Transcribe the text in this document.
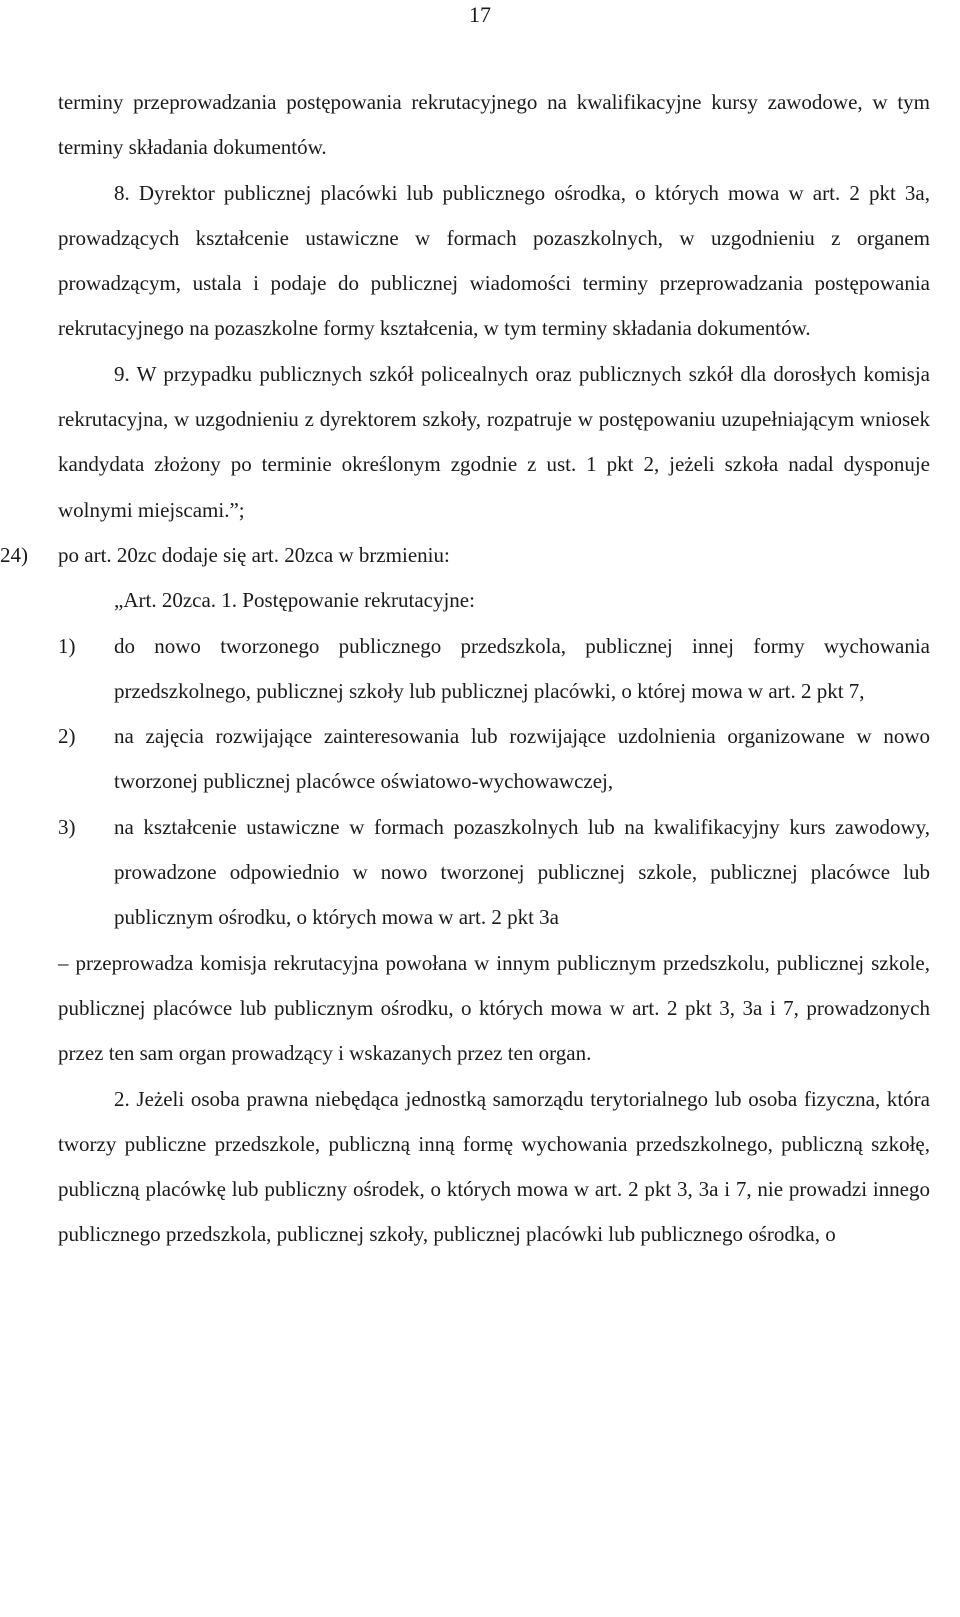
17

terminy przeprowadzania postępowania rekrutacyjnego na kwalifikacyjne kursy zawodowe, w tym terminy składania dokumentów.

8. Dyrektor publicznej placówki lub publicznego ośrodka, o których mowa w art. 2 pkt 3a, prowadzących kształcenie ustawiczne w formach pozaszkolnych, w uzgodnieniu z organem prowadzącym, ustala i podaje do publicznej wiadomości terminy przeprowadzania postępowania rekrutacyjnego na pozaszkolne formy kształcenia, w tym terminy składania dokumentów.

9. W przypadku publicznych szkół policealnych oraz publicznych szkół dla dorosłych komisja rekrutacyjna, w uzgodnieniu z dyrektorem szkoły, rozpatruje w postępowaniu uzupełniającym wniosek kandydata złożony po terminie określonym zgodnie z ust. 1 pkt 2, jeżeli szkoła nadal dysponuje wolnymi miejscami.”;

24) po art. 20zc dodaje się art. 20zca w brzmieniu:

„Art. 20zca. 1. Postępowanie rekrutacyjne:

1) do nowo tworzonego publicznego przedszkola, publicznej innej formy wychowania przedszkolnego, publicznej szkoły lub publicznej placówki, o której mowa w art. 2 pkt 7,

2) na zajęcia rozwijające zainteresowania lub rozwijające uzdolnienia organizowane w nowo tworzonej publicznej placówce oświatowo-wychowawczej,

3) na kształcenie ustawiczne w formach pozaszkolnych lub na kwalifikacyjny kurs zawodowy, prowadzone odpowiednio w nowo tworzonej publicznej szkole, publicznej placówce lub publicznym ośrodku, o których mowa w art. 2 pkt 3a

– przeprowadza komisja rekrutacyjna powołana w innym publicznym przedszkolu, publicznej szkole, publicznej placówce lub publicznym ośrodku, o których mowa w art. 2 pkt 3, 3a i 7, prowadzonych przez ten sam organ prowadzący i wskazanych przez ten organ.

2. Jeżeli osoba prawna niebędąca jednostką samorządu terytorialnego lub osoba fizyczna, która tworzy publiczne przedszkole, publiczną inną formę wychowania przedszkolnego, publiczną szkołę, publiczną placówkę lub publiczny ośrodek, o których mowa w art. 2 pkt 3, 3a i 7, nie prowadzi innego publicznego przedszkola, publicznej szkoły, publicznej placówki lub publicznego ośrodka, o
